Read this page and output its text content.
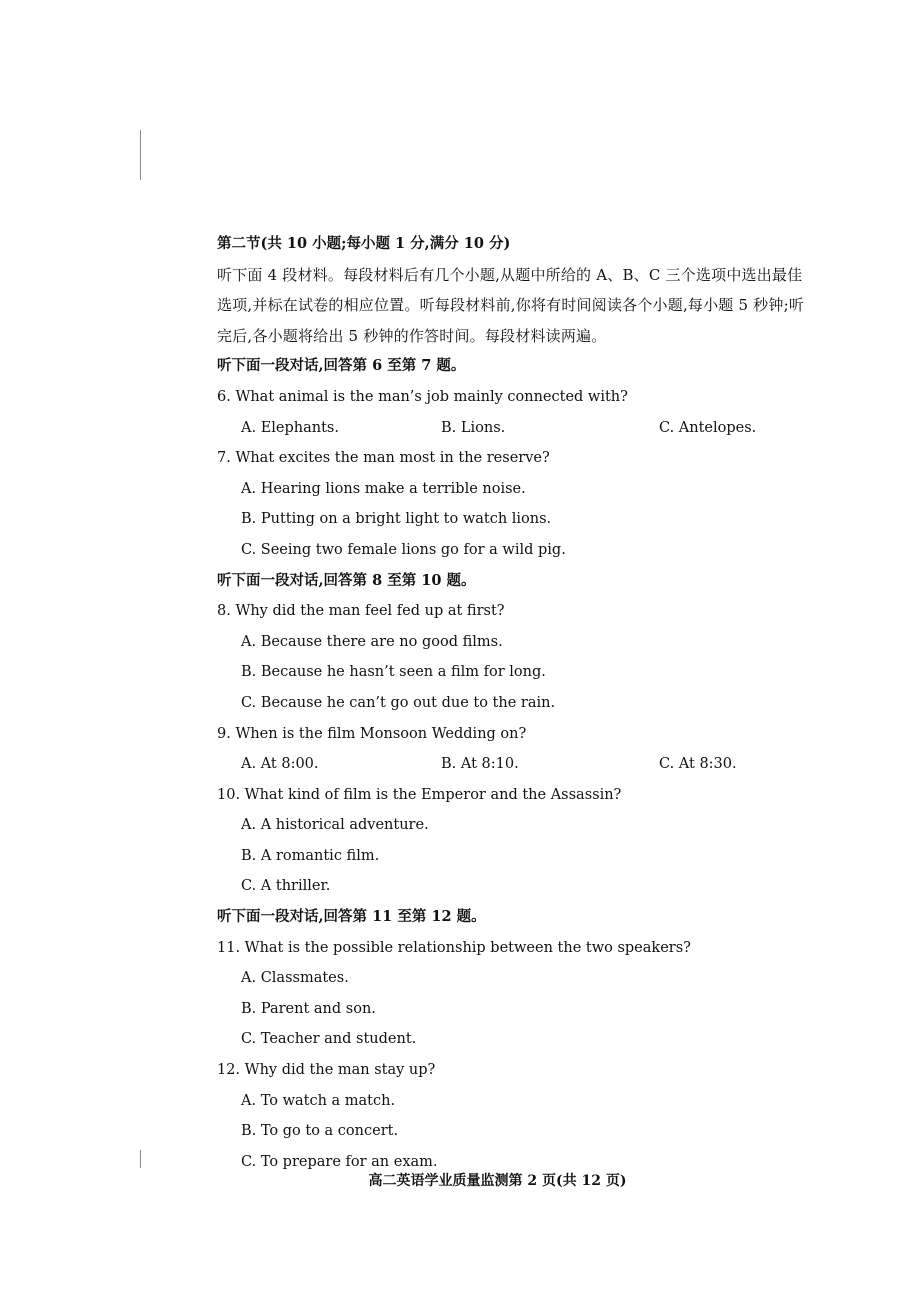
第二节(共 10 小题;每小题 1 分,满分 10 分)
听下面 4 段材料。每段材料后有几个小题,从题中所给的 A、B、C 三个选项中选出最佳
选项,并标在试卷的相应位置。听每段材料前,你将有时间阅读各个小题,每小题 5 秒钟;听
完后,各小题将给出 5 秒钟的作答时间。每段材料读两遍。
听下面一段对话,回答第 6 至第 7 题。
6. What animal is the man’s job mainly connected with?
A. Elephants.	B. Lions.	C. Antelopes.
7. What excites the man most in the reserve?
A. Hearing lions make a terrible noise.
B. Putting on a bright light to watch lions.
C. Seeing two female lions go for a wild pig.
听下面一段对话,回答第 8 至第 10 题。
8. Why did the man feel fed up at first?
A. Because there are no good films.
B. Because he hasn’t seen a film for long.
C. Because he can’t go out due to the rain.
9. When is the film Monsoon Wedding on?
A. At 8:00.	B. At 8:10.	C. At 8:30.
10. What kind of film is the Emperor and the Assassin?
A. A historical adventure.
B. A romantic film.
C. A thriller.
听下面一段对话,回答第 11 至第 12 题。
11. What is the possible relationship between the two speakers?
A. Classmates.
B. Parent and son.
C. Teacher and student.
12. Why did the man stay up?
A. To watch a match.
B. To go to a concert.
C. To prepare for an exam.
高二英语学业质量监测第 2 页(共 12 页)
